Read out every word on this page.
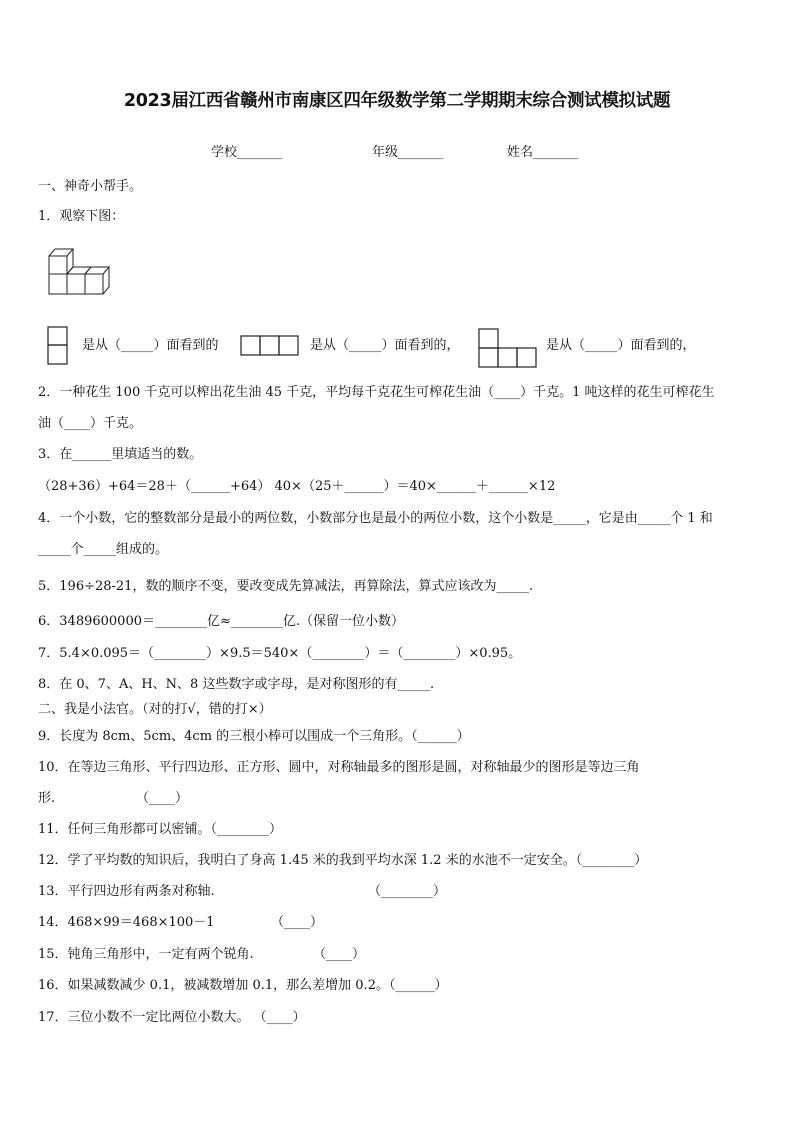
2023届江西省赣州市南康区四年级数学第二学期期末综合测试模拟试题
学校_______	年级_______	姓名_______
一、神奇小帮手。
1．观察下图：
是从（_____）面看到的	是从（_____）面看到的，	是从（_____）面看到的，
2．一种花生 100 千克可以榨出花生油 45 千克，平均每千克花生可榨花生油（____）千克。1 吨这样的花生可榨花生
油（____）千克。
3．在______里填适当的数。
（28+36）+64＝28＋（______+64） 40×（25＋______）＝40×______＋______×12
4．一个小数，它的整数部分是最小的两位数，小数部分也是最小的两位小数，这个小数是_____，它是由_____个 1 和
_____个_____组成的。
5．196÷28-21，数的顺序不变，要改变成先算减法，再算除法，算式应该改为_____.
6．3489600000＝________亿≈________亿.（保留一位小数）
7．5.4×0.095＝（________）×9.5＝540×（________）＝（________）×0.95。
8．在 0、7、A、H、N、8 这些数字或字母，是对称图形的有_____.
二、我是小法官。（对的打√，错的打×）
9．长度为 8cm、5cm、4cm 的三根小棒可以围成一个三角形。（______）
10．在等边三角形、平行四边形、正方形、圆中，对称轴最多的图形是圆，对称轴最少的图形是等边三角
形.	（____）
11．任何三角形都可以密铺。（________）
12．学了平均数的知识后，我明白了身高 1.45 米的我到平均水深 1.2 米的水池不一定安全。（________）
13．平行四边形有两条对称轴.	（________）
14．468×99＝468×100－1	（____）
15．钝角三角形中，一定有两个锐角.	（____）
16．如果减数减少 0.1，被减数增加 0.1，那么差增加 0.2。（______）
17．三位小数不一定比两位小数大。 （____）
